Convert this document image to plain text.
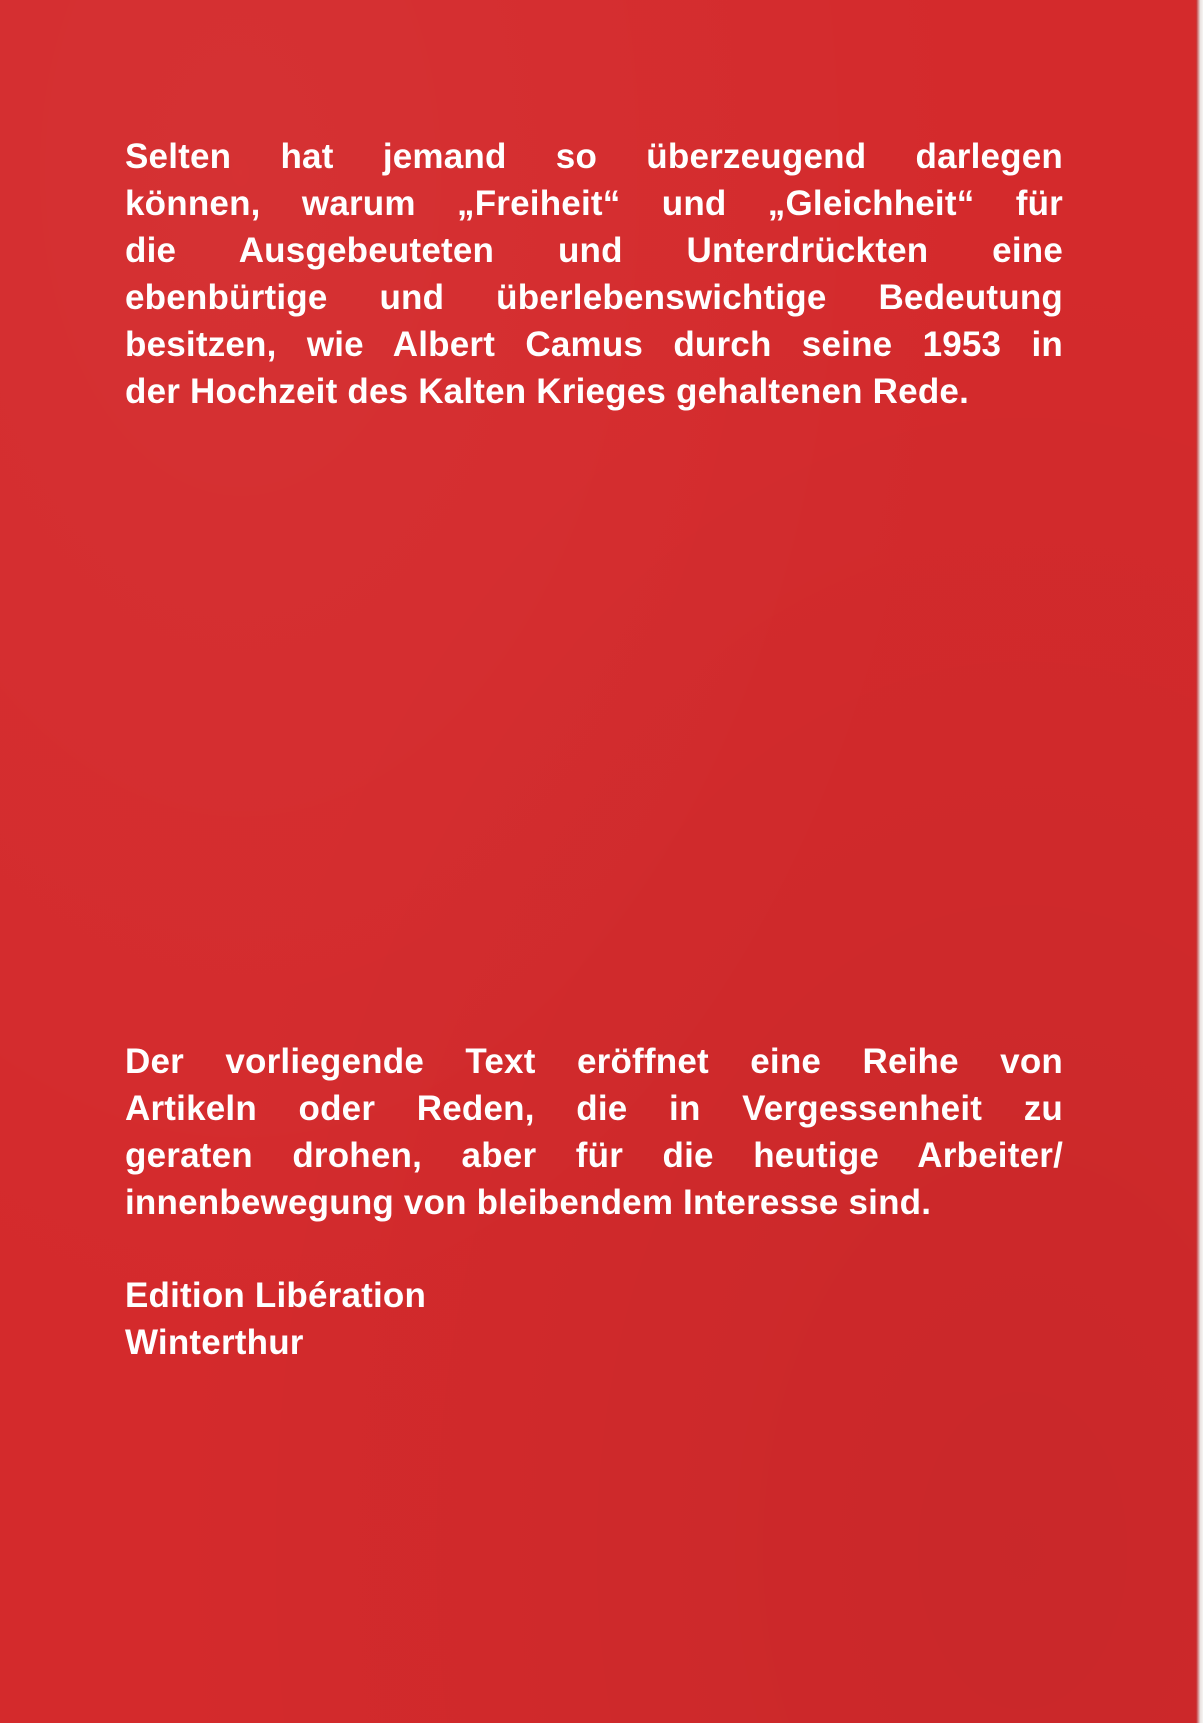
Selten hat jemand so überzeugend darlegen
können, warum „Freiheit“ und „Gleichheit“ für
die Ausgebeuteten und Unterdrückten eine
ebenbürtige und überlebenswichtige Bedeutung
besitzen, wie Albert Camus durch seine 1953 in
der Hochzeit des Kalten Krieges gehaltenen Rede.
Der vorliegende Text eröffnet eine Reihe von
Artikeln oder Reden, die in Vergessenheit zu
geraten drohen, aber für die heutige Arbeiter/
innenbewegung von bleibendem Interesse sind.
Edition Libération
Winterthur
